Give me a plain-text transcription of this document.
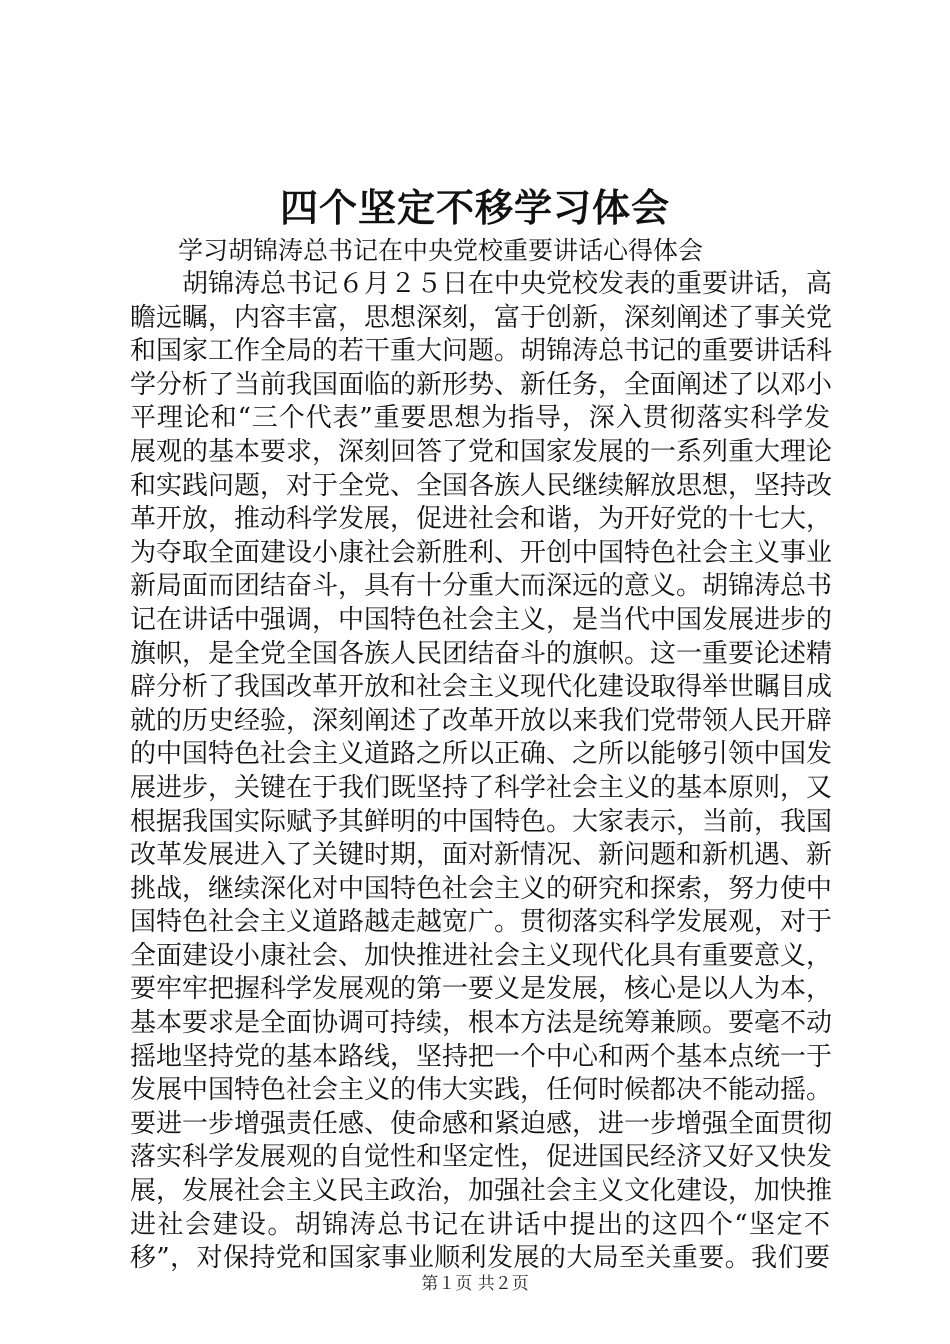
四个坚定不移学习体会
学习胡锦涛总书记在中央党校重要讲话心得体会
胡锦涛总书记６月２５日在中央党校发表的重要讲话，高
瞻远瞩，内容丰富，思想深刻，富于创新，深刻阐述了事关党
和国家工作全局的若干重大问题。胡锦涛总书记的重要讲话科
学分析了当前我国面临的新形势、新任务，全面阐述了以邓小
平理论和“三个代表”重要思想为指导，深入贯彻落实科学发
展观的基本要求，深刻回答了党和国家发展的一系列重大理论
和实践问题，对于全党、全国各族人民继续解放思想，坚持改
革开放，推动科学发展，促进社会和谐，为开好党的十七大，
为夺取全面建设小康社会新胜利、开创中国特色社会主义事业
新局面而团结奋斗，具有十分重大而深远的意义。胡锦涛总书
记在讲话中强调，中国特色社会主义，是当代中国发展进步的
旗帜，是全党全国各族人民团结奋斗的旗帜。这一重要论述精
辟分析了我国改革开放和社会主义现代化建设取得举世瞩目成
就的历史经验，深刻阐述了改革开放以来我们党带领人民开辟
的中国特色社会主义道路之所以正确、之所以能够引领中国发
展进步，关键在于我们既坚持了科学社会主义的基本原则，又
根据我国实际赋予其鲜明的中国特色。大家表示，当前，我国
改革发展进入了关键时期，面对新情况、新问题和新机遇、新
挑战，继续深化对中国特色社会主义的研究和探索，努力使中
国特色社会主义道路越走越宽广。贯彻落实科学发展观，对于
全面建设小康社会、加快推进社会主义现代化具有重要意义，
要牢牢把握科学发展观的第一要义是发展，核心是以人为本，
基本要求是全面协调可持续，根本方法是统筹兼顾。要毫不动
摇地坚持党的基本路线，坚持把一个中心和两个基本点统一于
发展中国特色社会主义的伟大实践，任何时候都决不能动摇。
要进一步增强责任感、使命感和紧迫感，进一步增强全面贯彻
落实科学发展观的自觉性和坚定性，促进国民经济又好又快发
展，发展社会主义民主政治，加强社会主义文化建设，加快推
进社会建设。胡锦涛总书记在讲话中提出的这四个“坚定不
移”，对保持党和国家事业顺利发展的大局至关重要。我们要
第１页 共２页
